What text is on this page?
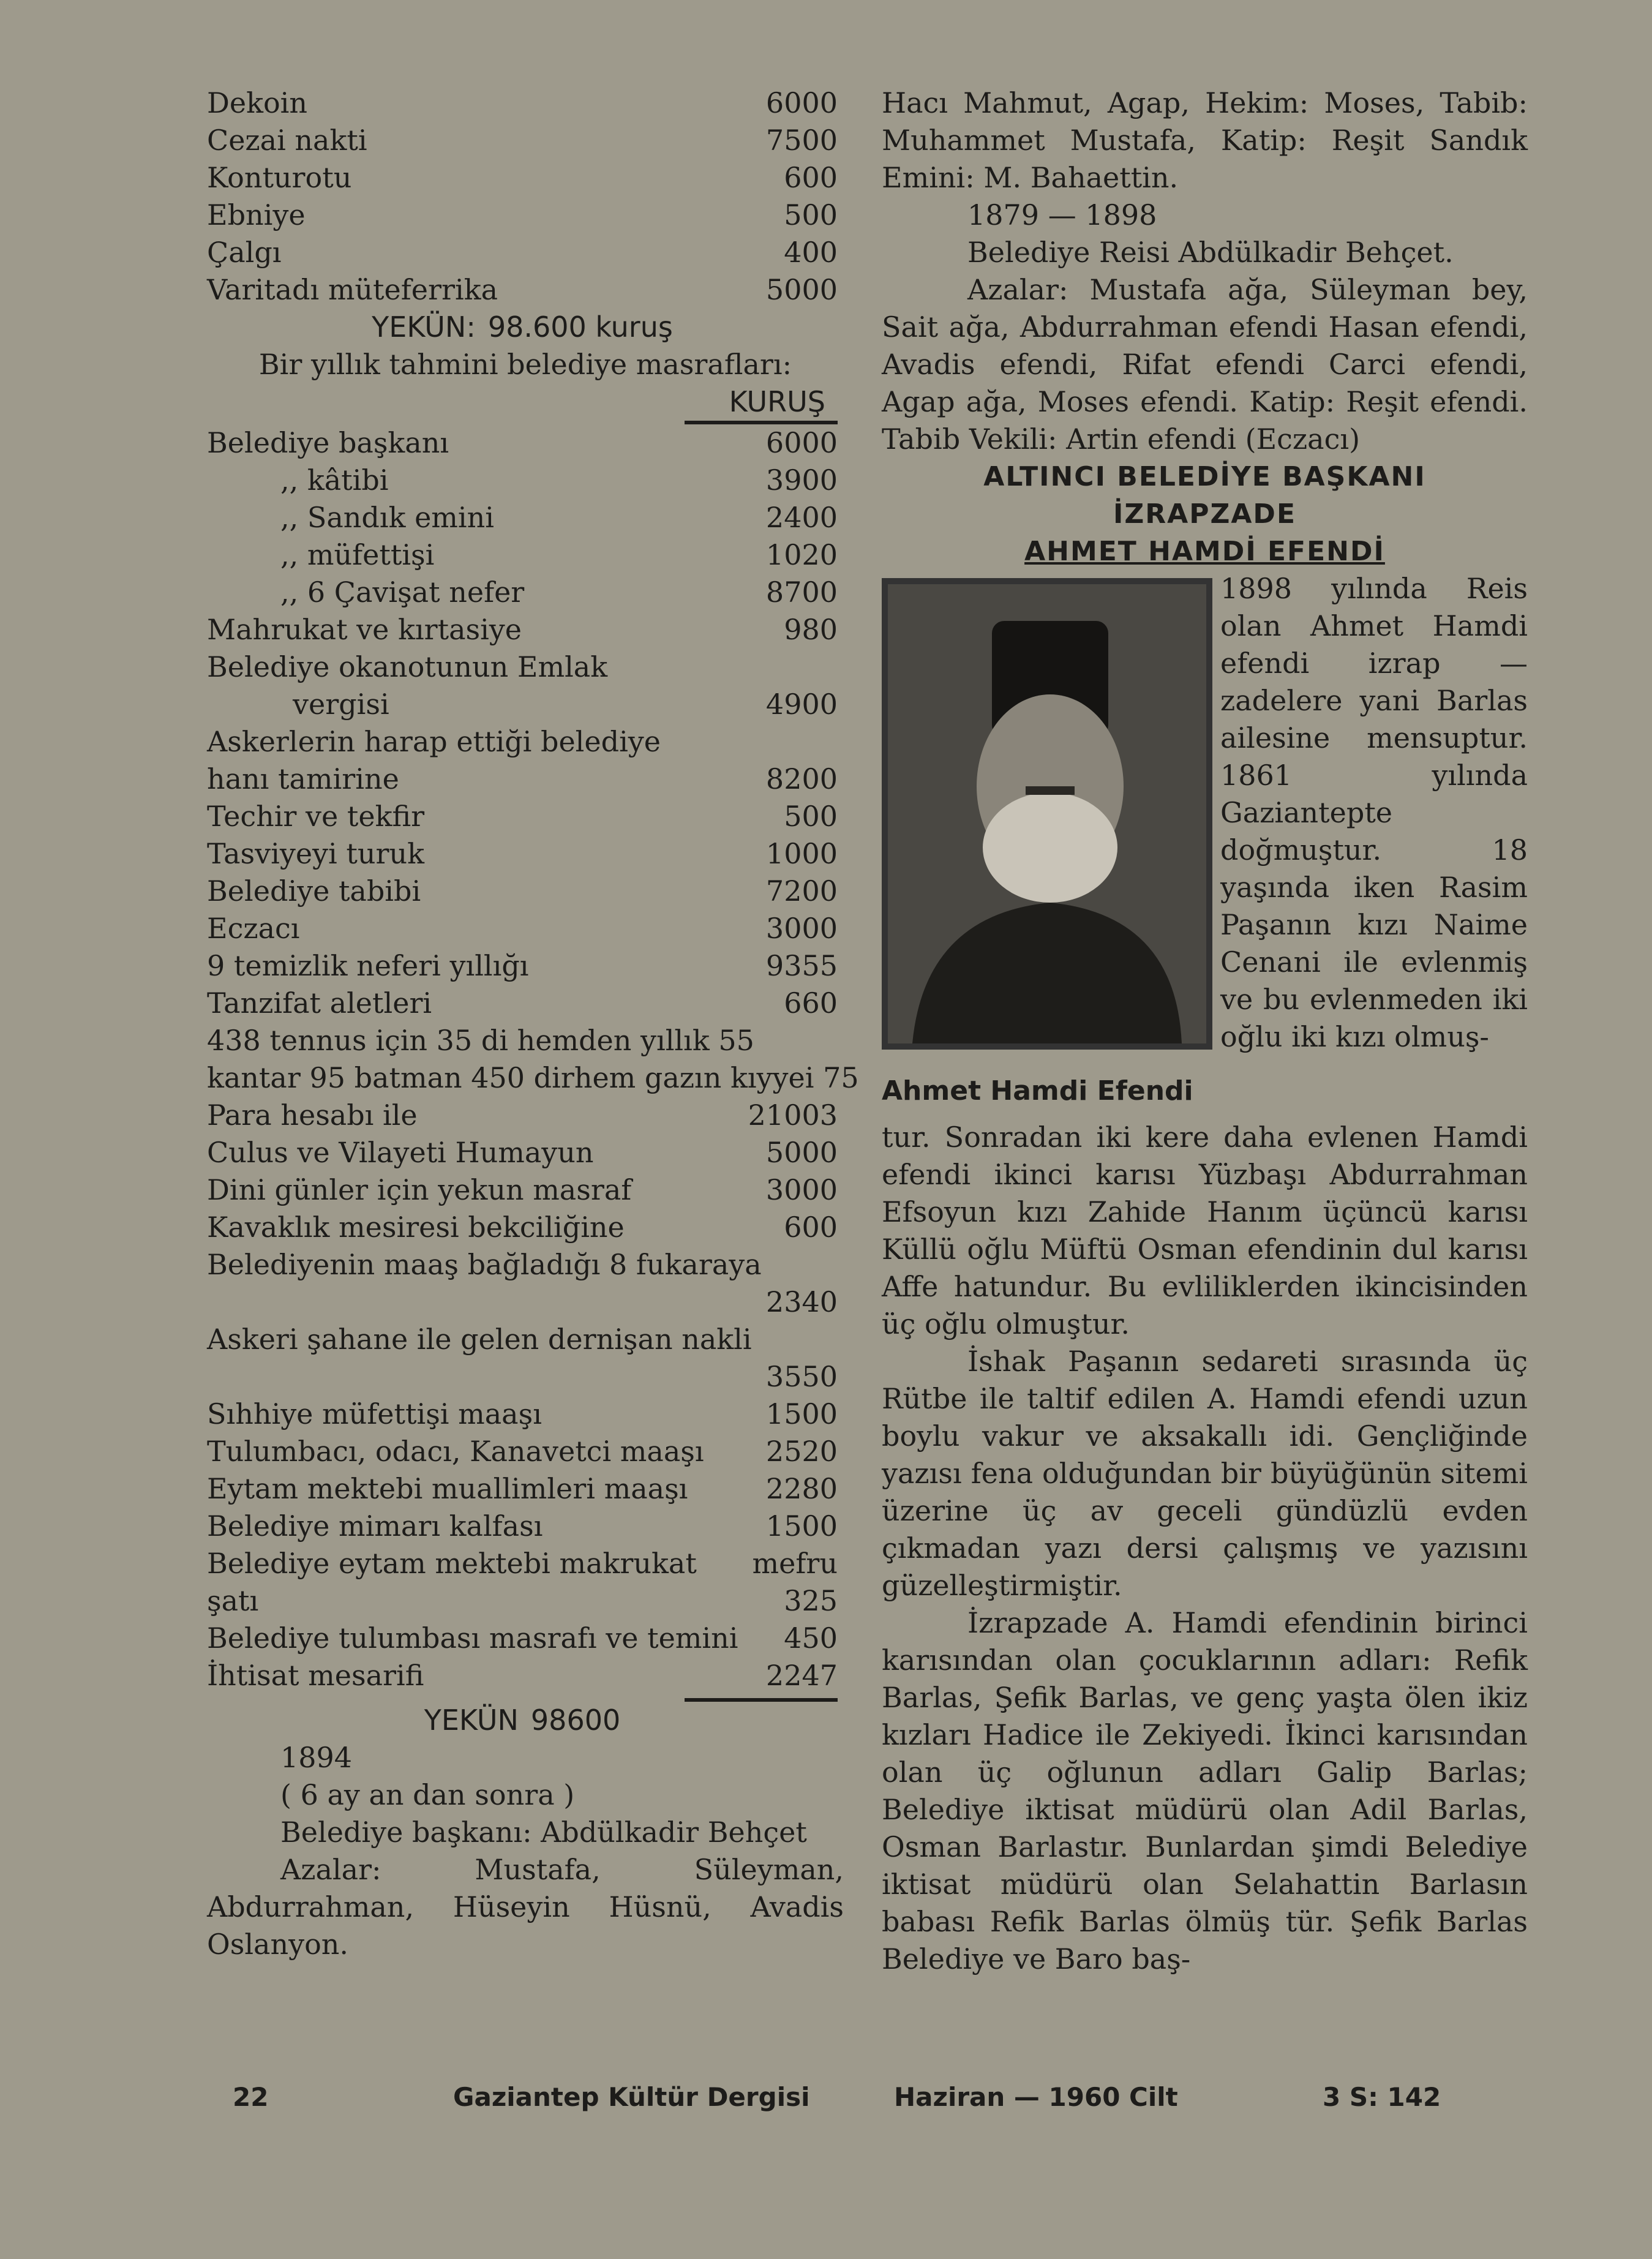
Dekoin	6000
Cezai nakti	7500
Konturotu	600
Ebniye	500
Çalgı	400
Varitadı müteferrika	5000
YEKÜN: 98.600 kuruş
Bir yıllık tahmini belediye masrafları:
KURUŞ
Belediye başkanı	6000
,, kâtibi	3900
,, Sandık emini	2400
,, müfettişi	1020
,, 6 Çavişat nefer	8700
Mahrukat ve kırtasiye	980
Belediye okanotunun Emlak
vergisi	4900
Askerlerin harap ettiği belediye
hanı tamirine	8200
Techir ve tekfir	500
Tasviyeyi turuk	1000
Belediye tabibi	7200
Eczacı	3000
9 temizlik neferi yıllığı	9355
Tanzifat aletleri	660
438 tennus için 35 di hemden yıllık 55
kantar 95 batman 450 dirhem gazın kıyyei 75
Para hesabı ile	21003
Culus ve Vilayeti Humayun	5000
Dini günler için yekun masraf	3000
Kavaklık mesiresi bekciliğine	600
Belediyenin maaş bağladığı 8 fukaraya
2340
Askeri şahane ile gelen dernişan nakli
3550
Sıhhiye müfettişi maaşı	1500
Tulumbacı, odacı, Kanavetci maaşı	2520
Eytam mektebi muallimleri maaşı	2280
Belediye mimarı kalfası	1500
Belediye eytam mektebi makrukat	mefru
şatı	325
Belediye tulumbası masrafı ve temini	450
İhtisat mesarifi	2247
YEKÜN 98600
1894
( 6 ay an dan sonra )
Belediye başkanı: Abdülkadir Behçet
Azalar: Mustafa, Süleyman, Abdurrahman, Hüseyin Hüsnü, Avadis Oslanyon.

Hacı Mahmut, Agap, Hekim: Moses, Tabib: Muhammet Mustafa, Katip: Reşit Sandık Emini: M. Bahaettin.

1879 — 1898

Belediye Reisi Abdülkadir Behçet.

Azalar: Mustafa ağa, Süleyman bey, Sait ağa, Abdurrahman efendi Hasan efendi, Avadis efendi, Rifat efendi Carci efendi, Agap ağa, Moses efendi. Katip: Reşit efendi. Tabib Vekili: Artin efendi (Eczacı)

ALTINCI BELEDİYE BAŞKANI
İZRAPZADE
AHMET HAMDİ EFENDİ
1898 yılında Reis olan Ahmet Hamdi efendi izrap — zadelere yani Barlas ailesine mensuptur. 1861 yılında Gaziantepte doğmuştur. 18 yaşında iken Rasim Paşanın kızı Naime Cenani ile evlenmiş ve bu evlenmeden iki oğlu iki kızı olmuş-
Ahmet Hamdi Efendi

tur. Sonradan iki kere daha evlenen Hamdi efendi ikinci karısı Yüzbaşı Abdurrahman Efsoyun kızı Zahide Hanım üçüncü karısı Küllü oğlu Müftü Osman efendinin dul karısı Affe hatundur. Bu evliliklerden ikincisinden üç oğlu olmuştur.

İshak Paşanın sedareti sırasında üç Rütbe ile taltif edilen A. Hamdi efendi uzun boylu vakur ve aksakallı idi. Gençliğinde yazısı fena olduğundan bir büyüğünün sitemi üzerine üç av geceli gündüzlü evden çıkmadan yazı dersi çalışmış ve yazısını güzelleştirmiştir.

İzrapzade A. Hamdi efendinin birinci karısından olan çocuklarının adları: Refik Barlas, Şefik Barlas, ve genç yaşta ölen ikiz kızları Hadice ile Zekiyedi. İkinci karısından olan üç oğlunun adları Galip Barlas; Belediye iktisat müdürü olan Adil Barlas, Osman Barlastır. Bunlardan şimdi Belediye iktisat müdürü olan Selahattin Barlasın babası Refik Barlas ölmüş tür. Şefik Barlas Belediye ve Baro baş-

22	Gaziantep Kültür Dergisi	Haziran — 1960 Cilt	3 S: 142
